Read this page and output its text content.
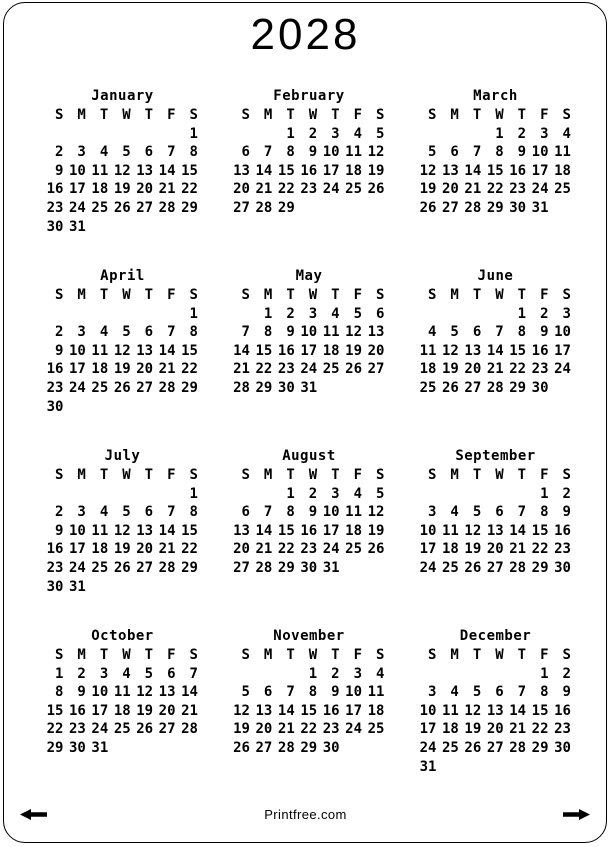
2028
January
S M T W T F S
1
2 3 4 5 6 7 8
9 10 11 12 13 14 15
16 17 18 19 20 21 22
23 24 25 26 27 28 29
30 31
February
S M T W T F S
1 2 3 4 5
6 7 8 9 10 11 12
13 14 15 16 17 18 19
20 21 22 23 24 25 26
27 28 29
March
S M T W T F S
1 2 3 4
5 6 7 8 9 10 11
12 13 14 15 16 17 18
19 20 21 22 23 24 25
26 27 28 29 30 31
April
S M T W T F S
1
2 3 4 5 6 7 8
9 10 11 12 13 14 15
16 17 18 19 20 21 22
23 24 25 26 27 28 29
30
May
S M T W T F S
1 2 3 4 5 6
7 8 9 10 11 12 13
14 15 16 17 18 19 20
21 22 23 24 25 26 27
28 29 30 31
June
S M T W T F S
1 2 3
4 5 6 7 8 9 10
11 12 13 14 15 16 17
18 19 20 21 22 23 24
25 26 27 28 29 30
July
S M T W T F S
1
2 3 4 5 6 7 8
9 10 11 12 13 14 15
16 17 18 19 20 21 22
23 24 25 26 27 28 29
30 31
August
S M T W T F S
1 2 3 4 5
6 7 8 9 10 11 12
13 14 15 16 17 18 19
20 21 22 23 24 25 26
27 28 29 30 31
September
S M T W T F S
1 2
3 4 5 6 7 8 9
10 11 12 13 14 15 16
17 18 19 20 21 22 23
24 25 26 27 28 29 30
October
S M T W T F S
1 2 3 4 5 6 7
8 9 10 11 12 13 14
15 16 17 18 19 20 21
22 23 24 25 26 27 28
29 30 31
November
S M T W T F S
1 2 3 4
5 6 7 8 9 10 11
12 13 14 15 16 17 18
19 20 21 22 23 24 25
26 27 28 29 30
December
S M T W T F S
1 2
3 4 5 6 7 8 9
10 11 12 13 14 15 16
17 18 19 20 21 22 23
24 25 26 27 28 29 30
31
Printfree.com
